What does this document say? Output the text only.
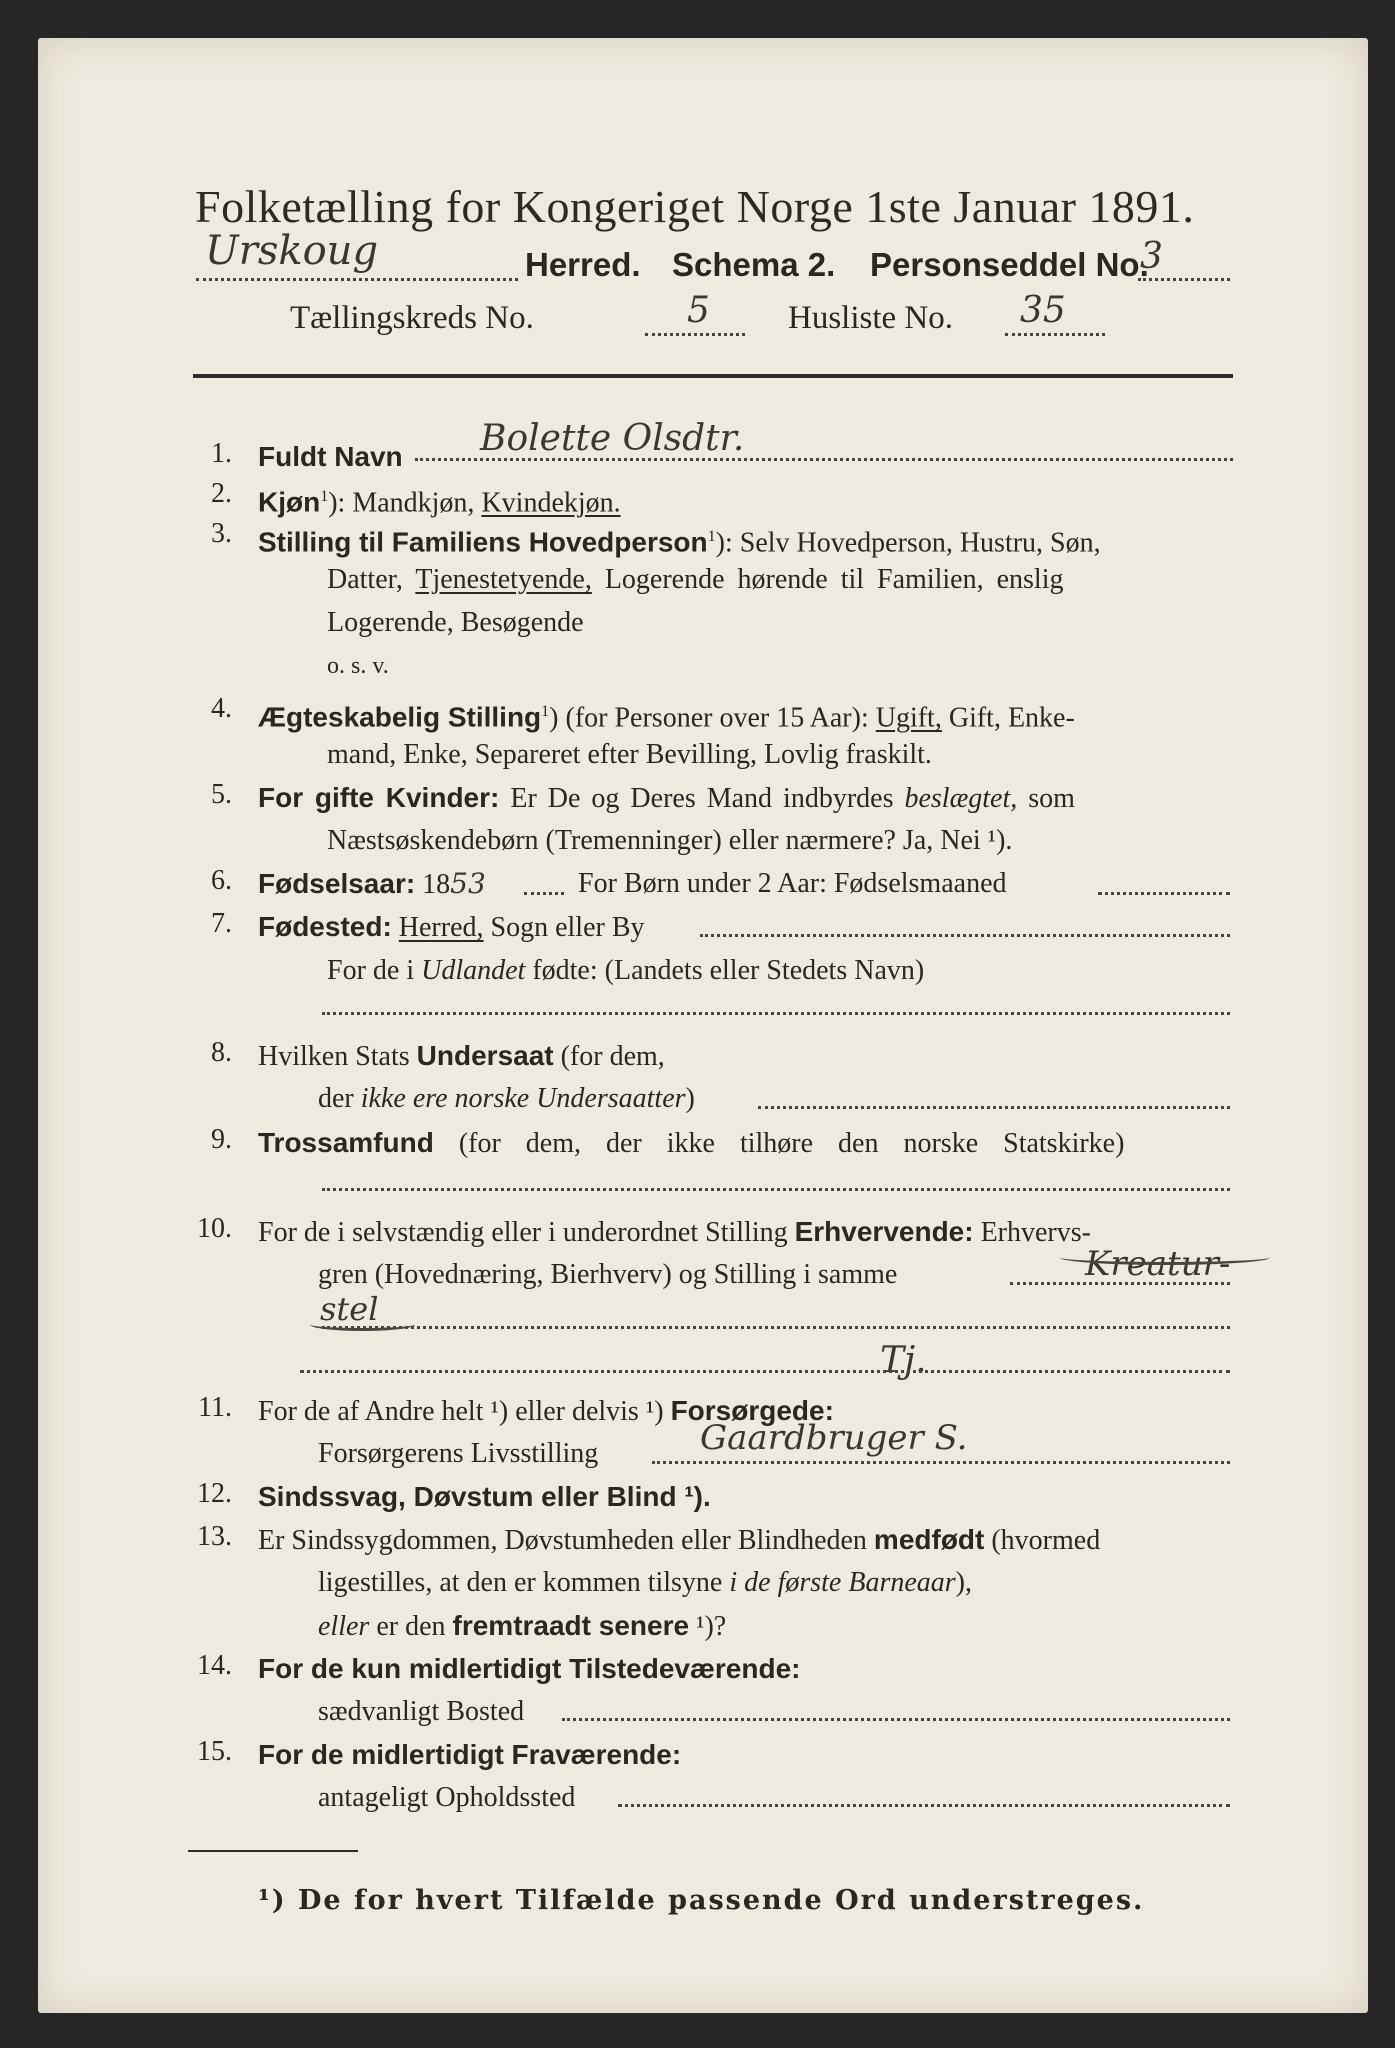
Folketælling for Kongeriget Norge 1ste Januar 1891.
Urskoug	Herred. Schema 2. Personseddel No.
3
Tællingskreds No.	5 Husliste No. 35
1. Fuldt Navn Bolette Olsdtr.
2. Kjøn$^1$): Mandkjøn, Kvindekjøn.
3. Stilling til Familiens Hovedperson$^1$): Selv Hovedperson, Hustru, Søn,
Datter, Tjenestetyende, Logerende hørende til Familien, enslig
Logerende, Besøgende
o. s. v.
4. Ægteskabelig Stilling$^1$) (for Personer over 15 Aar): Ugift, Gift, Enke-
mand, Enke, Separeret efter Bevilling, Lovlig fraskilt.
5. For gifte Kvinder: Er De og Deres Mand indbyrdes beslægtet, som
Næstsøskendebørn (Tremenninger) eller nærmere? Ja, Nei ¹).
6. Fødselsaar: 1853	For Børn under 2 Aar: Fødselsmaaned
7. Fødested: Herred, Sogn eller By
For de i Udlandet fødte: (Landets eller Stedets Navn)
8. Hvilken Stats Undersaat (for dem,
der ikke ere norske Undersaatter)
9. Trossamfund (for dem, der ikke tilhøre den norske Statskirke)
10. For de i selvstændig eller i underordnet Stilling Erhvervende: Erhvervs-
gren (Hovednæring, Bierhverv) og Stilling i samme	Kreatur-
stel
Tj.
11. For de af Andre helt ¹) eller delvis ¹) Forsørgede:
Forsørgerens Livsstilling	Gaardbruger S.
12. Sindssvag, Døvstum eller Blind ¹).
13. Er Sindssygdommen, Døvstumheden eller Blindheden medfødt (hvormed
ligestilles, at den er kommen tilsyne i de første Barneaar),
eller er den fremtraadt senere ¹)?
14. For de kun midlertidigt Tilstedeværende:
sædvanligt Bosted
15. For de midlertidigt Fraværende:
antageligt Opholdssted
¹) De for hvert Tilfælde passende Ord understreges.
